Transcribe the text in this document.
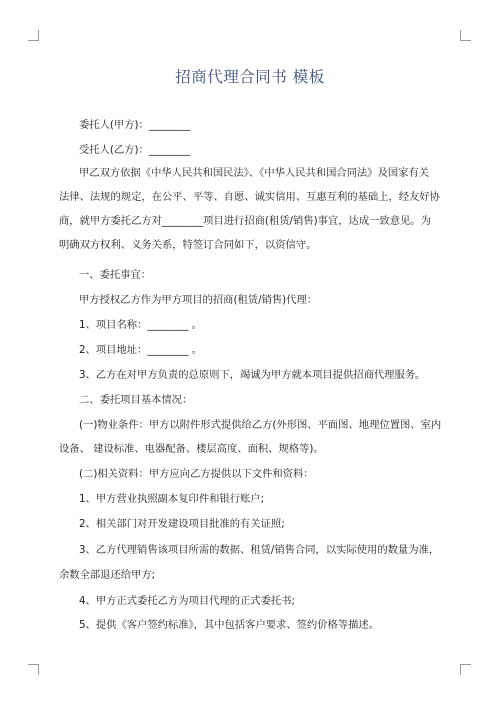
招商代理合同书 模板
委托人(甲方)：________
受托人(乙方)：________
甲乙双方依据《中华人民共和国民法》、《中华人民共和国合同法》及国家有关
法律、法规的规定，在公平、平等、自愿、诚实信用、互惠互利的基础上，经友好协
商，就甲方委托乙方对________项目进行招商(租赁/销售)事宜，达成一致意见。为
明确双方权利、义务关系，特签订合同如下，以资信守。
一、委托事宜：
甲方授权乙方作为甲方项目的招商(租赁/销售)代理：
1、项目名称：________ 。
2、项目地址：________ 。
3、乙方在对甲方负责的总原则下，竭诚为甲方就本项目提供招商代理服务。
二、委托项目基本情况：
(一)物业条件：甲方以附件形式提供给乙方(外形图、平面图、地理位置图、室内
设备、 建设标准、电器配备、楼层高度、面积、规格等)。
(二)相关资料：甲方应向乙方提供以下文件和资料：
1、甲方营业执照副本复印件和银行账户;
2、相关部门对开发建设项目批准的有关证照;
3、乙方代理销售该项目所需的数据、租赁/销售合同，以实际使用的数量为准，
余数全部退还给甲方;
4、甲方正式委托乙方为项目代理的正式委托书;
5、提供《客户签约标准》，其中包括客户要求、签约价格等描述。
